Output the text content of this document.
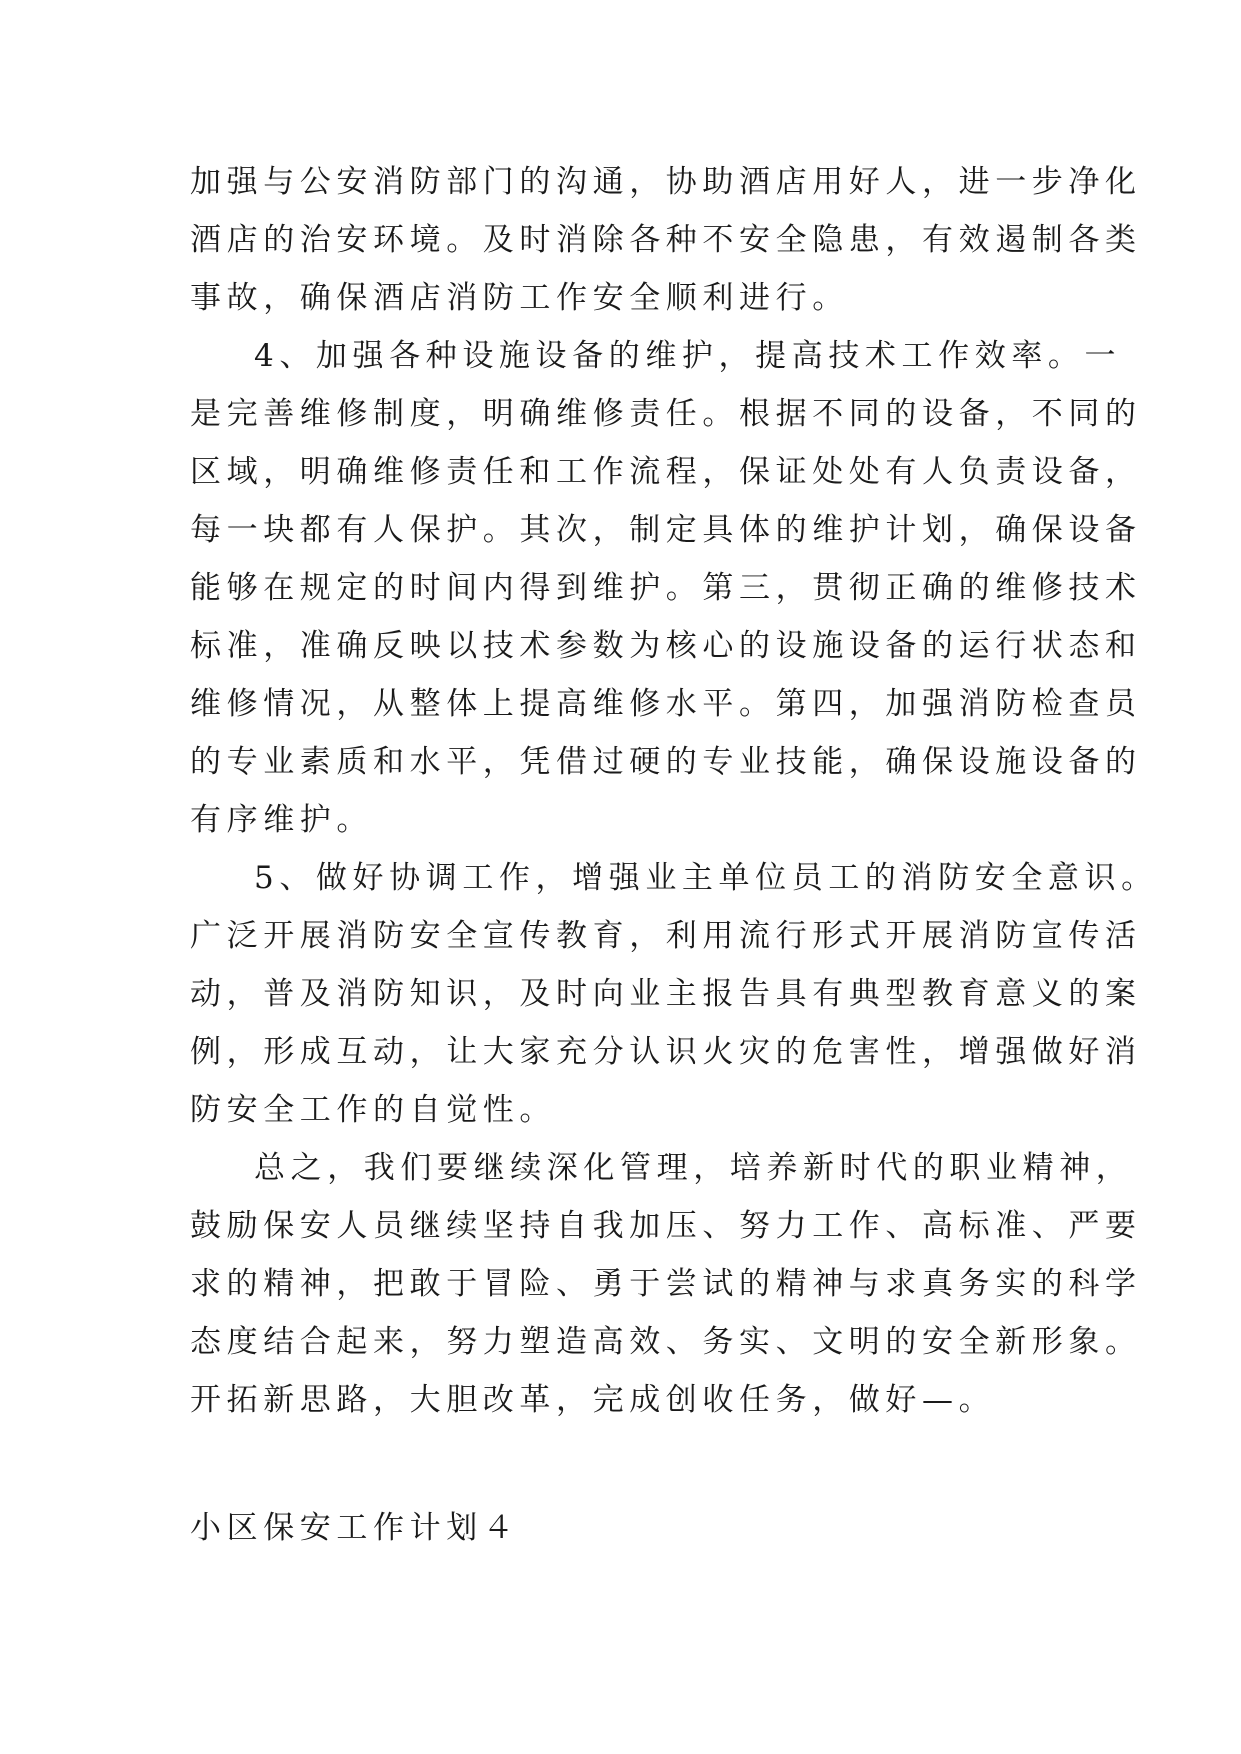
加强与公安消防部门的沟通，协助酒店用好人，进一步净化
酒店的治安环境。及时消除各种不安全隐患，有效遏制各类
事故，确保酒店消防工作安全顺利进行。
4、加强各种设施设备的维护，提高技术工作效率。一
是完善维修制度，明确维修责任。根据不同的设备，不同的
区域，明确维修责任和工作流程，保证处处有人负责设备，
每一块都有人保护。其次，制定具体的维护计划，确保设备
能够在规定的时间内得到维护。第三，贯彻正确的维修技术
标准，准确反映以技术参数为核心的设施设备的运行状态和
维修情况，从整体上提高维修水平。第四，加强消防检查员
的专业素质和水平，凭借过硬的专业技能，确保设施设备的
有序维护。
5、做好协调工作，增强业主单位员工的消防安全意识。
广泛开展消防安全宣传教育，利用流行形式开展消防宣传活
动，普及消防知识，及时向业主报告具有典型教育意义的案
例，形成互动，让大家充分认识火灾的危害性，增强做好消
防安全工作的自觉性。
总之，我们要继续深化管理，培养新时代的职业精神，
鼓励保安人员继续坚持自我加压、努力工作、高标准、严要
求的精神，把敢于冒险、勇于尝试的精神与求真务实的科学
态度结合起来，努力塑造高效、务实、文明的安全新形象。
开拓新思路，大胆改革，完成创收任务，做好—。
小区保安工作计划４
